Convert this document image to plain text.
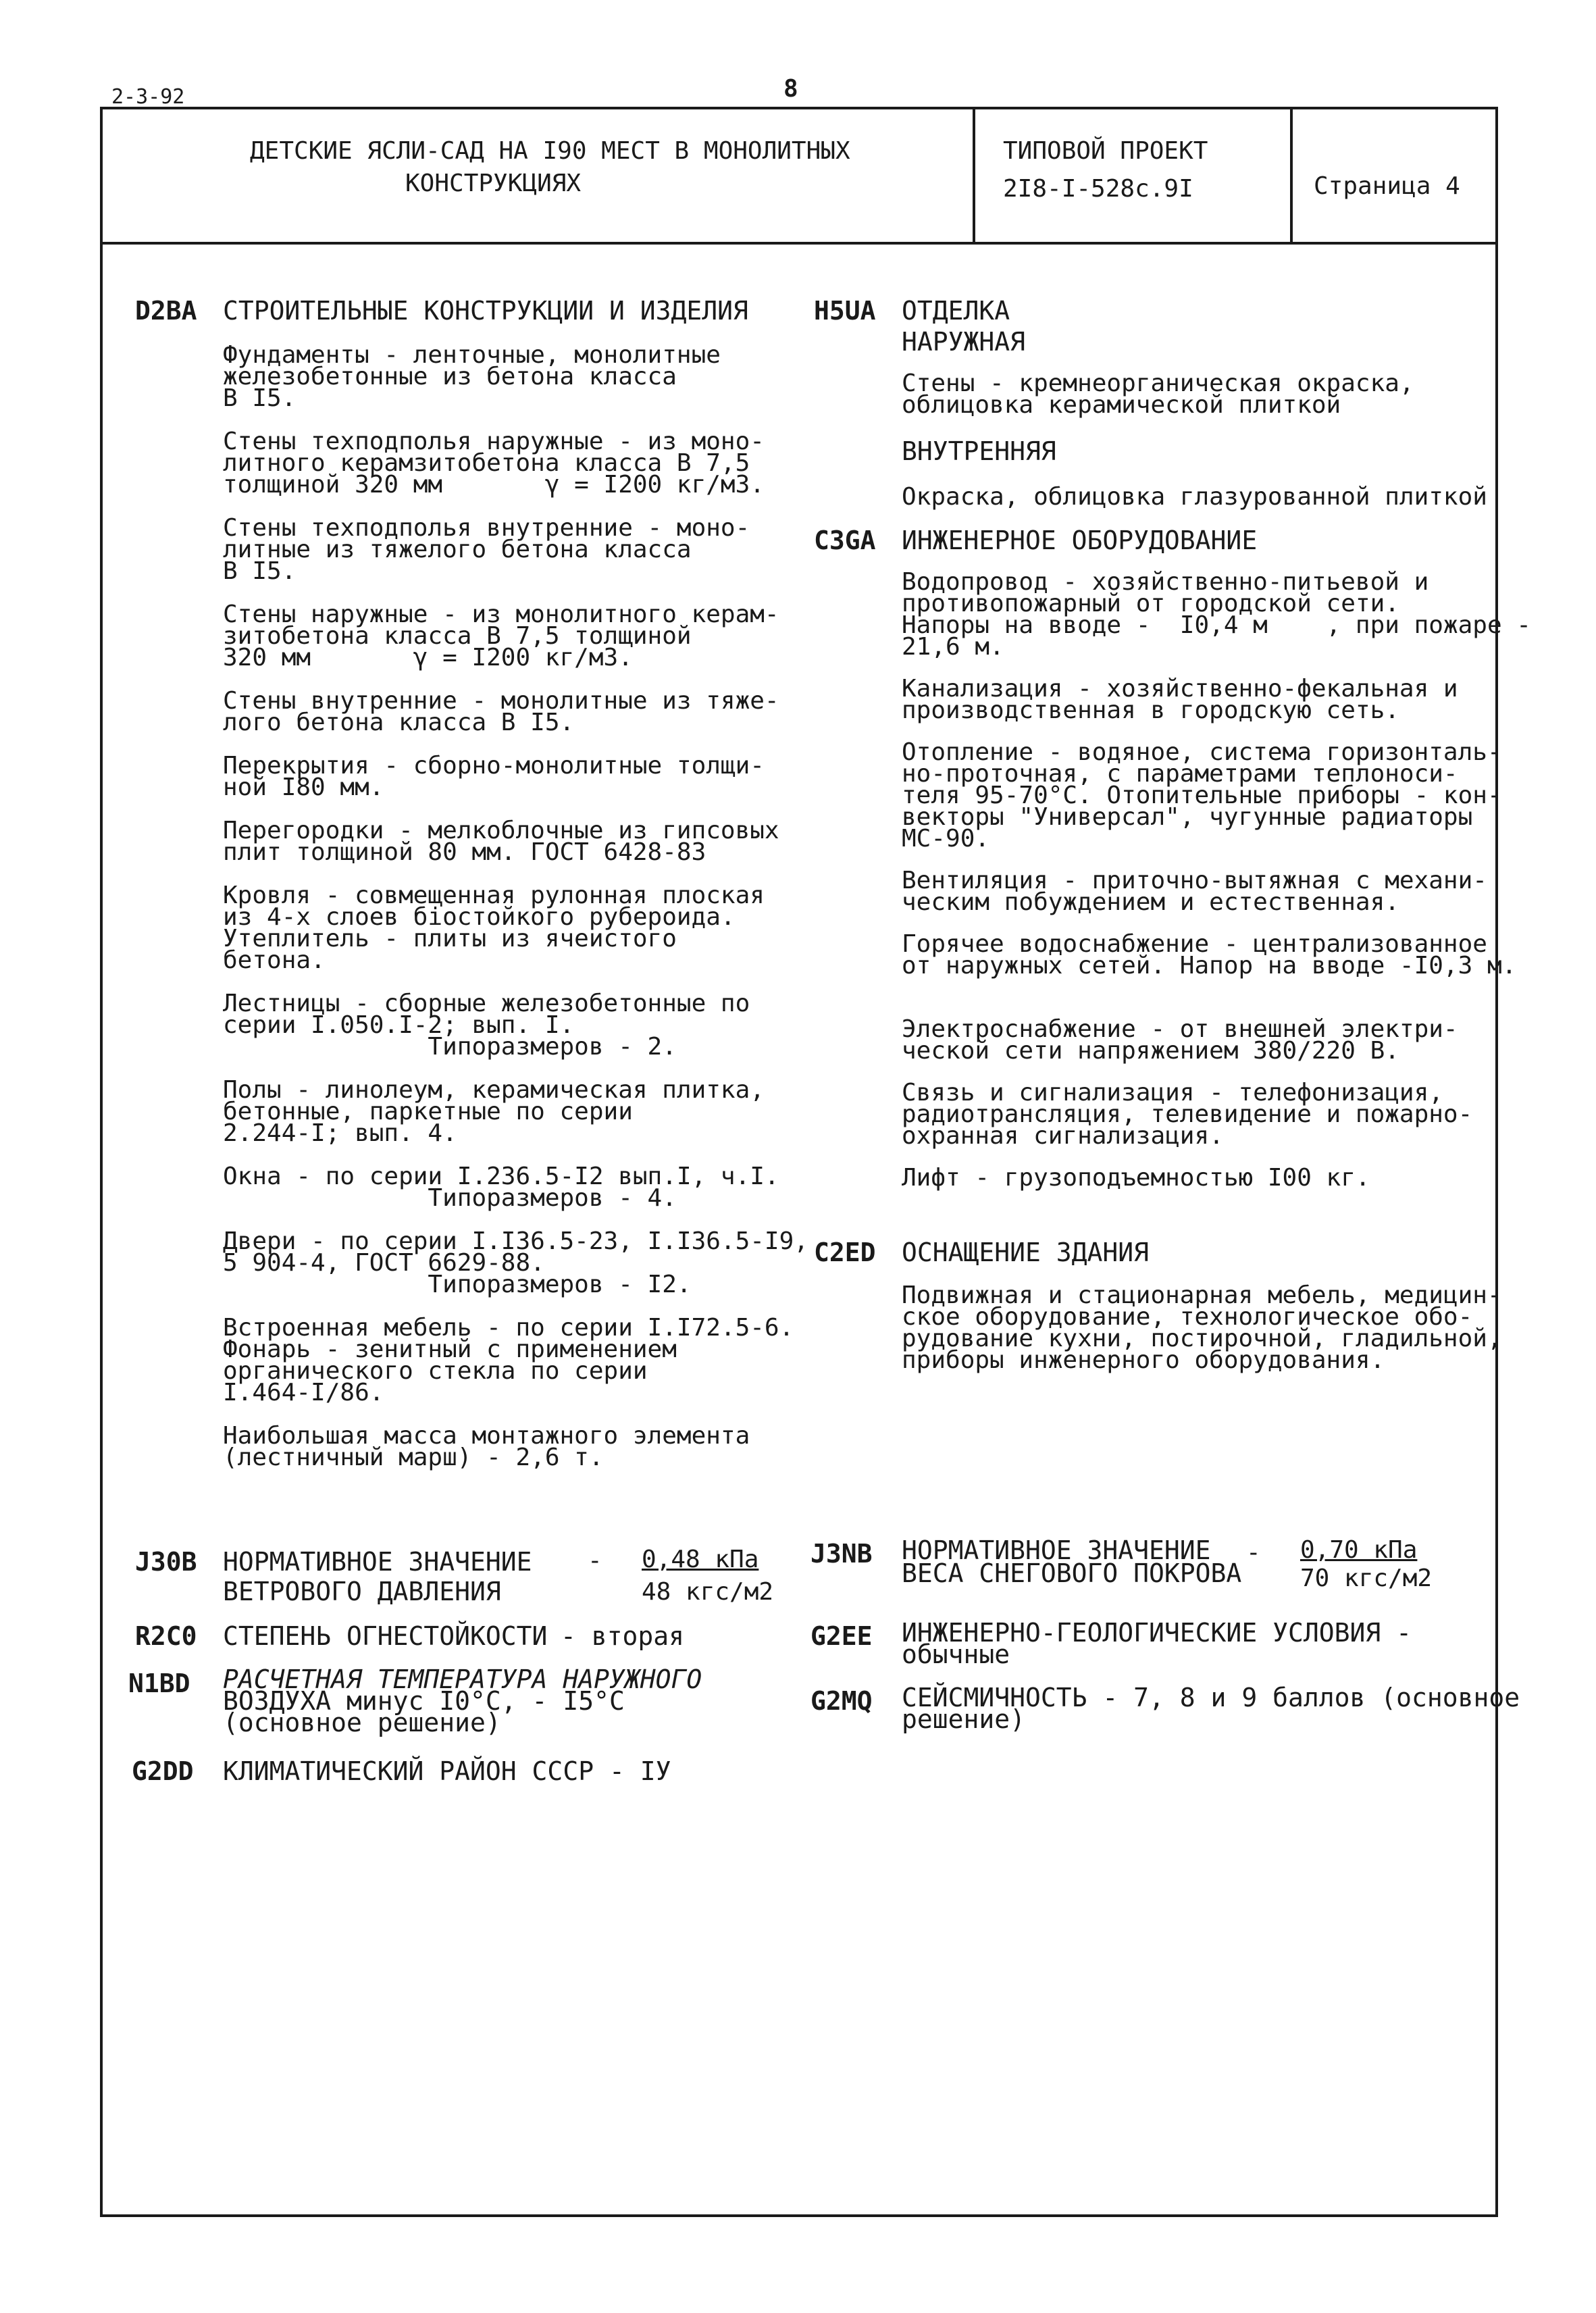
2-3-92	8
ДЕТСКИЕ ЯСЛИ-САД НА I90 МЕСТ В МОНОЛИТНЫХ
КОНСТРУКЦИЯХ
ТИПОВОЙ ПРОЕКТ
2I8-I-528с.9I	Страница 4
D2BA СТРОИТЕЛЬНЫЕ КОНСТРУКЦИИ И ИЗДЕЛИЯ
Фундаменты - ленточные, монолитные
железобетонные из бетона класса
В I5.
Стены техподполья наружные - из моно-
литного керамзитобетона класса В 7,5
толщиной 320 мм       γ = I200 кг/м3.
Стены техподполья внутренние - моно-
литные из тяжелого бетона класса
В I5.
Стены наружные - из монолитного керам-
зитобетона класса В 7,5 толщиной
320 мм       γ = I200 кг/м3.
Стены внутренние - монолитные из тяже-
лого бетона класса В I5.
Перекрытия - сборно-монолитные толщи-
ной I80 мм.
Перегородки - мелкоблочные из гипсовых
плит толщиной 80 мм. ГОСТ 6428-83
Кровля - совмещенная рулонная плоская
из 4-х слоев біостойкого рубероида.
Утеплитель - плиты из ячеистого
бетона.
Лестницы - сборные железобетонные по
серии I.050.I-2; вып. I.
Типоразмеров - 2.
Полы - линолеум, керамическая плитка,
бетонные, паркетные по серии
2.244-I; вып. 4.
Окна - по серии I.236.5-I2 вып.I, ч.I.
Типоразмеров - 4.
Двери - по серии I.I36.5-23, I.I36.5-I9,
5 904-4, ГОСТ 6629-88.
Типоразмеров - I2.
Встроенная мебель - по серии I.I72.5-6.
Фонарь - зенитный с применением
органического стекла по серии
I.464-I/86.
Наибольшая масса монтажного элемента
(лестничный марш) - 2,6 т.
J30B НОРМАТИВНОЕ ЗНАЧЕНИЕ
ВЕТРОВОГО ДАВЛЕНИЯ
- 0,48 кПа
48 кгс/м2
R2C0 СТЕПЕНЬ ОГНЕСТОЙКОСТИ - вторая
N1BD РАСЧЕТНАЯ ТЕМПЕРАТУРА НАРУЖНОГО
ВОЗДУХА минус I0°С, - I5°С
(основное решение)
G2DD КЛИМАТИЧЕСКИЙ РАЙОН СССР - IУ
H5UA ОТДЕЛКА
НАРУЖНАЯ
Стены - кремнеорганическая окраска,
облицовка керамической плиткой
ВНУТРЕННЯЯ
Окраска, облицовка глазурованной плиткой
C3GA ИНЖЕНЕРНОЕ ОБОРУДОВАНИЕ
Водопровод - хозяйственно-питьевой и
противопожарный от городской сети.
Напоры на вводе -  I0,4 м    , при пожаре -
21,6 м.
Канализация - хозяйственно-фекальная и
производственная в городскую сеть.
Отопление - водяное, система горизонталь-
но-проточная, с параметрами теплоноси-
теля 95-70°С. Отопительные приборы - кон-
векторы "Универсал", чугунные радиаторы
МС-90.
Вентиляция - приточно-вытяжная с механи-
ческим побуждением и естественная.
Горячее водоснабжение - централизованное
от наружных сетей. Напор на вводе -I0,3 м.
Электроснабжение - от внешней электри-
ческой сети напряжением 380/220 В.
Связь и сигнализация - телефонизация,
радиотрансляция, телевидение и пожарно-
охранная сигнализация.
Лифт - грузоподъемностью I00 кг.
C2ED ОСНАЩЕНИЕ ЗДАНИЯ
Подвижная и стационарная мебель, медицин-
ское оборудование, технологическое обо-
рудование кухни, постирочной, гладильной,
приборы инженерного оборудования.
J3NB НОРМАТИВНОЕ ЗНАЧЕНИЕ
ВЕСА СНЕГОВОГО ПОКРОВА
- 0,70 кПа
70 кгс/м2
G2EE ИНЖЕНЕРНО-ГЕОЛОГИЧЕСКИЕ УСЛОВИЯ -
обычные
G2MQ СЕЙСМИЧНОСТЬ - 7, 8 и 9 баллов (основное
решение)
